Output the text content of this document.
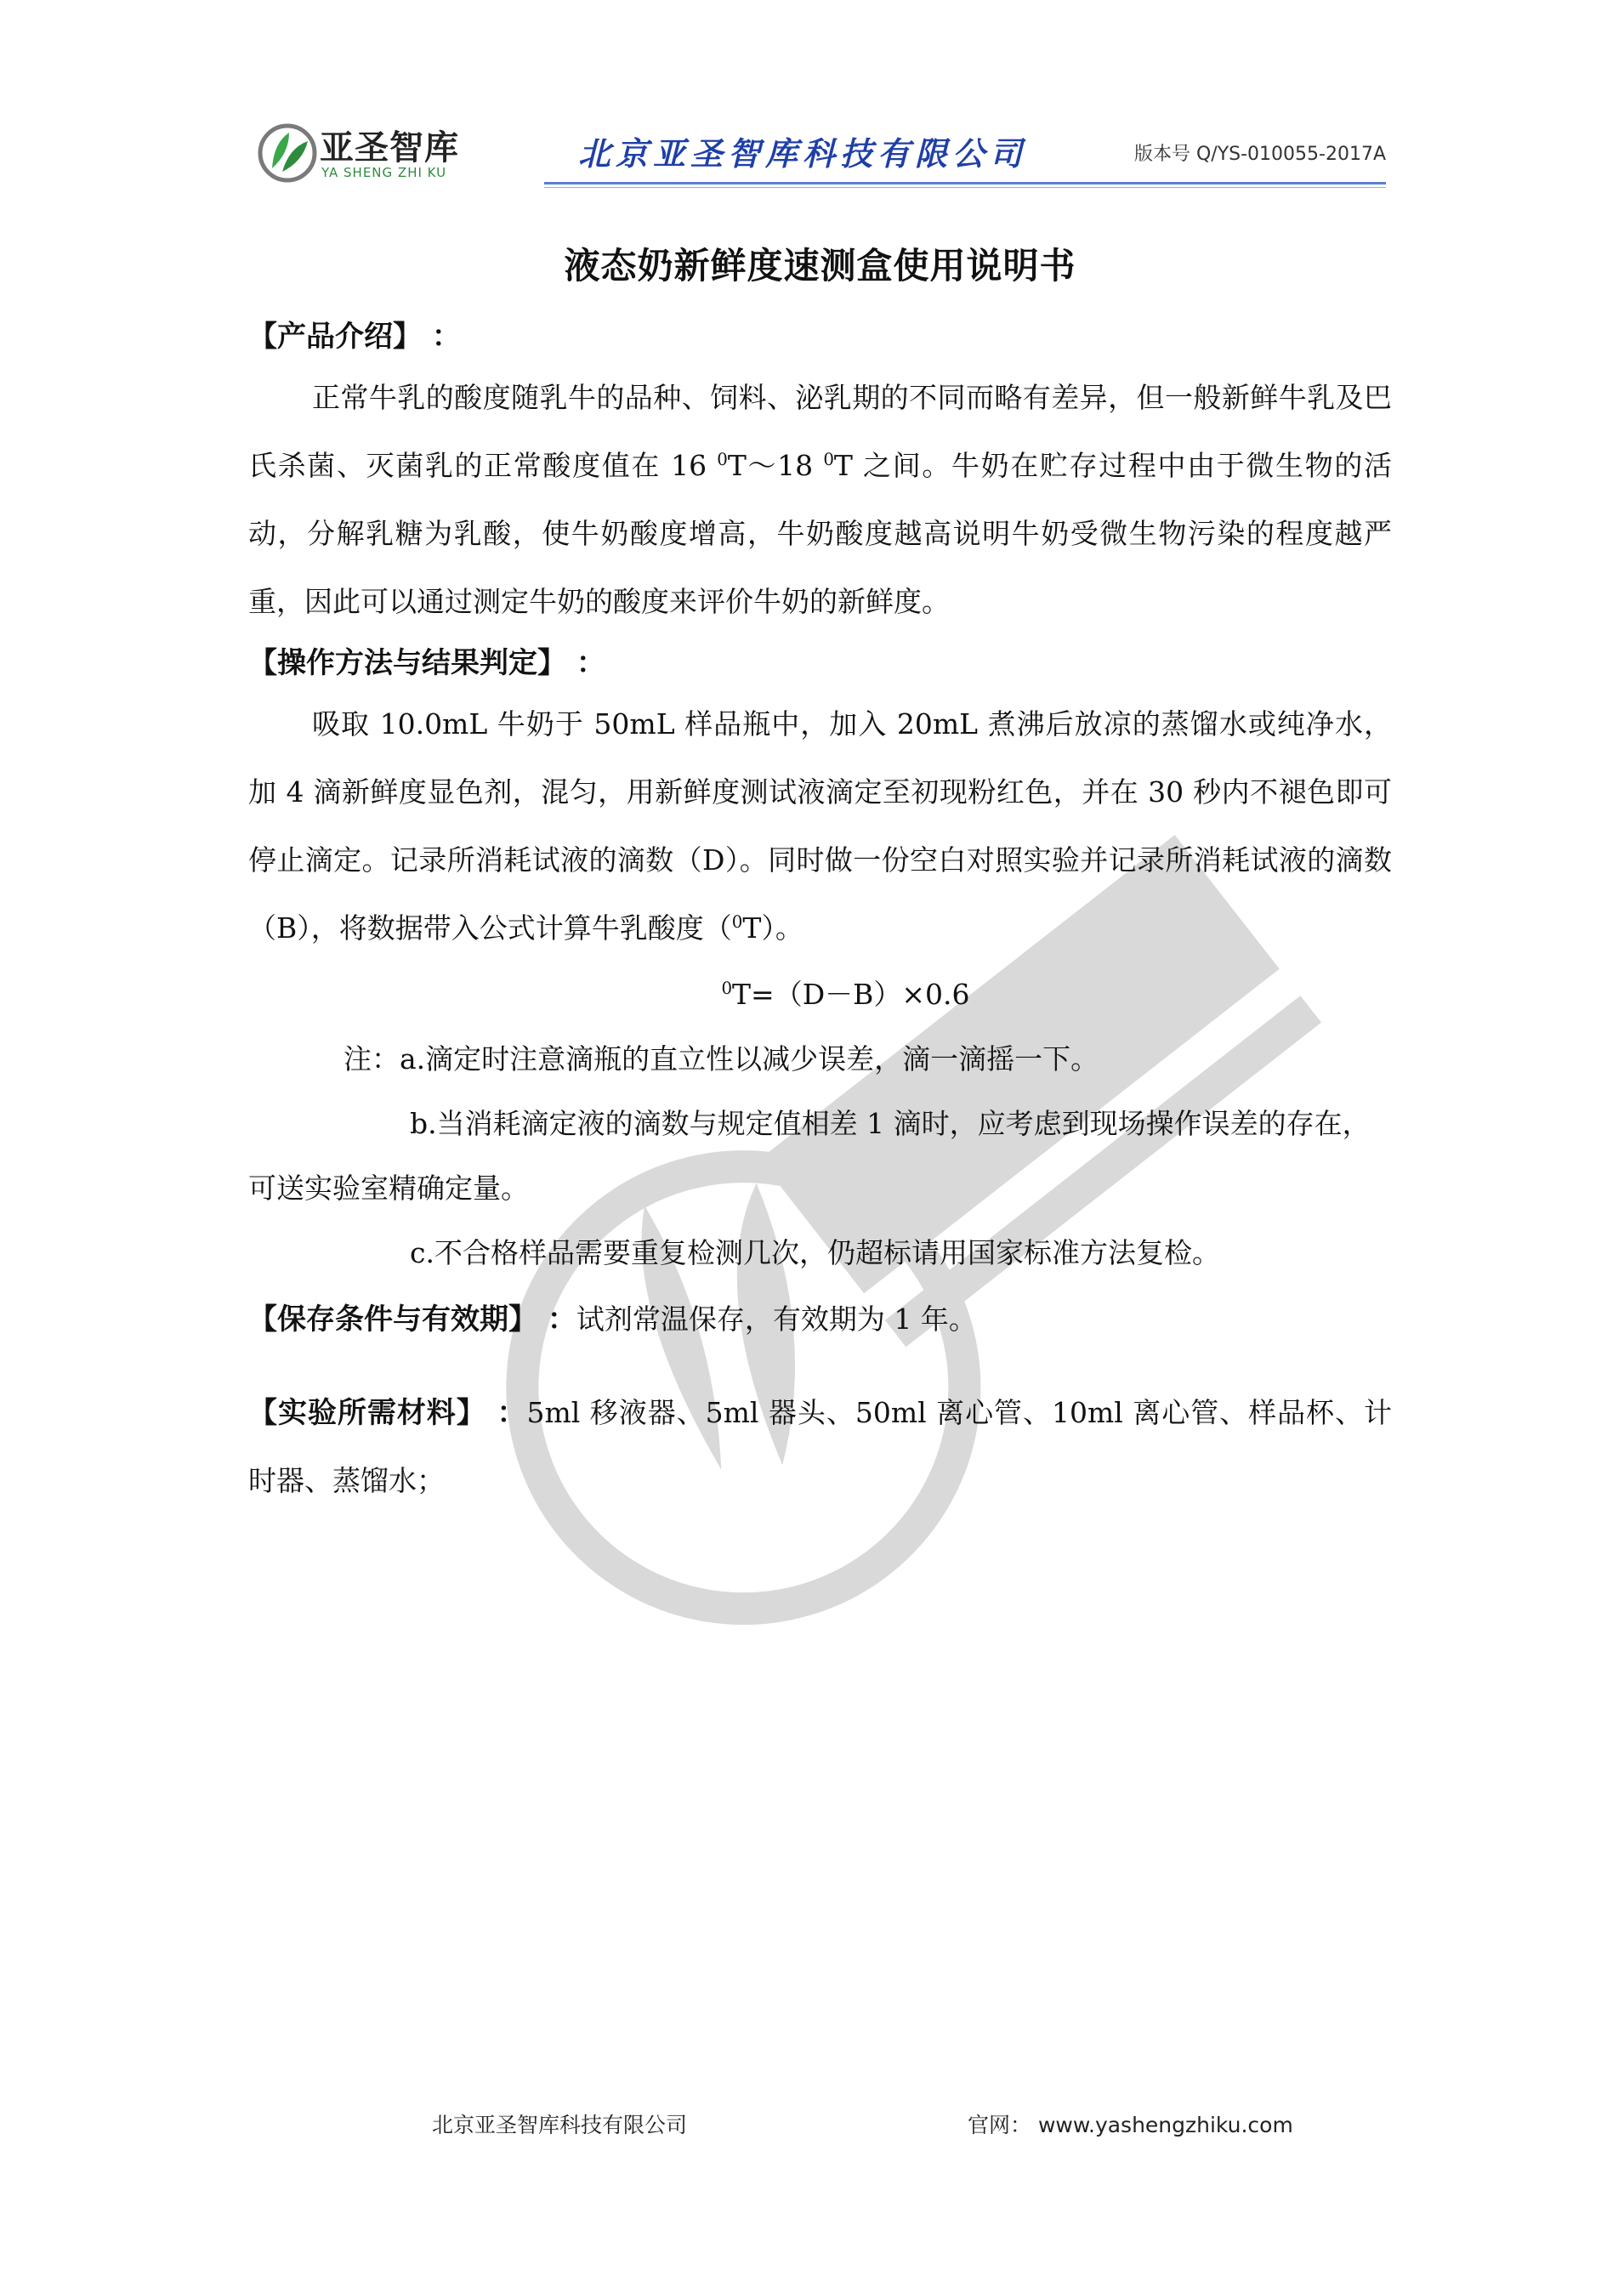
亚圣智库
YA SHENG ZHI KU	北京亚圣智库科技有限公司	版本号 Q/YS-010055-2017A
液态奶新鲜度速测盒使用说明书
【产品介绍】 ：

正常牛乳的酸度随乳牛的品种、饲料、泌乳期的不同而略有差异，但一般新鲜牛乳及巴氏杀菌、灭菌乳的正常酸度值在 16 $^0$T～18 $^0$T 之间。牛奶在贮存过程中由于微生物的活动，分解乳糖为乳酸，使牛奶酸度增高，牛奶酸度越高说明牛奶受微生物污染的程度越严重，因此可以通过测定牛奶的酸度来评价牛奶的新鲜度。

【操作方法与结果判定】 ：

吸取 10.0mL 牛奶于 50mL 样品瓶中，加入 20mL 煮沸后放凉的蒸馏水或纯净水，加 4 滴新鲜度显色剂，混匀，用新鲜度测试液滴定至初现粉红色，并在 30 秒内不褪色即可停止滴定。记录所消耗试液的滴数（D）。同时做一份空白对照实验并记录所消耗试液的滴数（B），将数据带入公式计算牛乳酸度（$^0$T）。

$^0$T=（D－B）×0.6

注：a.滴定时注意滴瓶的直立性以减少误差，滴一滴摇一下。

b.当消耗滴定液的滴数与规定值相差 1 滴时，应考虑到现场操作误差的存在，可送实验室精确定量。

c.不合格样品需要重复检测几次，仍超标请用国家标准方法复检。

【保存条件与有效期】 ：试剂常温保存，有效期为 1 年。

【实验所需材料】 ：5ml 移液器、5ml 器头、50ml 离心管、10ml 离心管、样品杯、计时器、蒸馏水；

北京亚圣智库科技有限公司	官网： www.yashengzhiku.com
